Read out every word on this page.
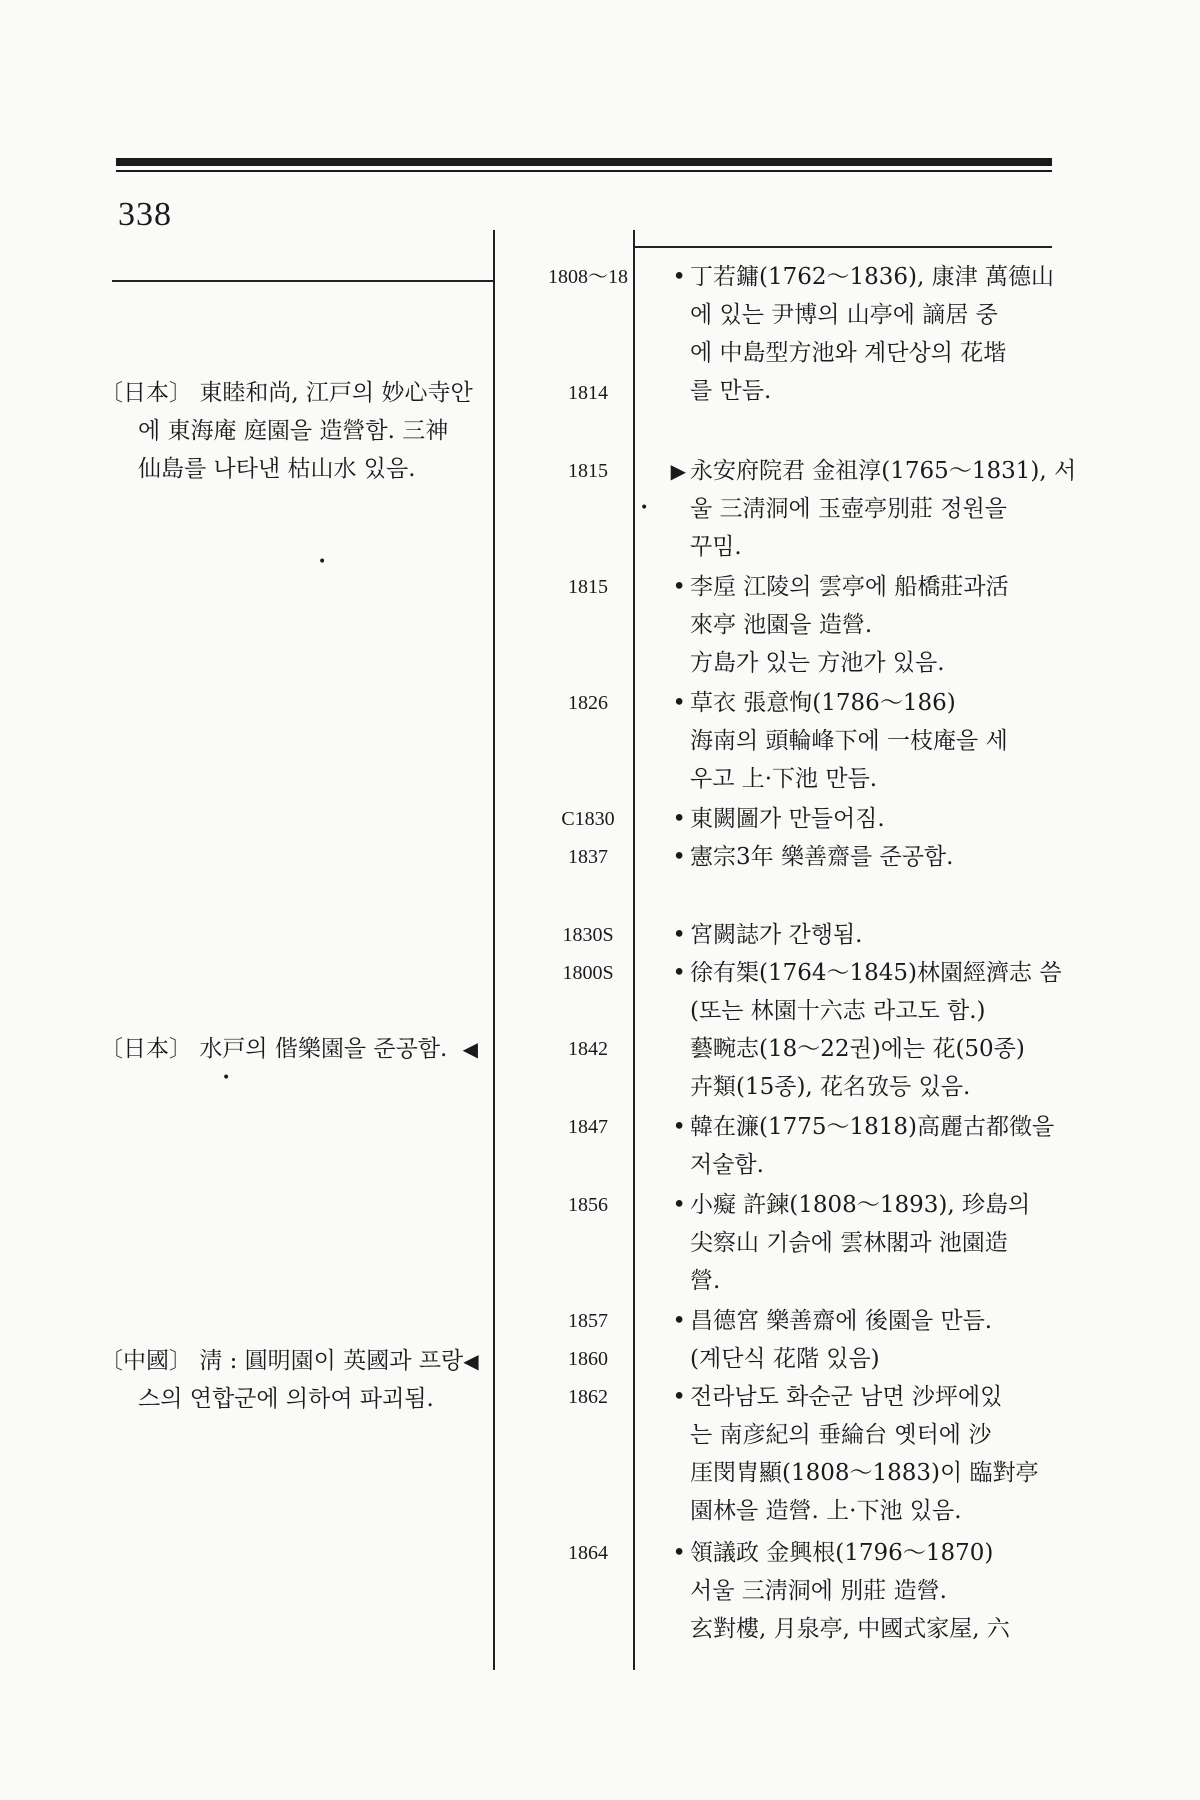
338
〔日本〕 東睦和尚, 江戸의 妙心寺안
에 東海庵 庭園을 造營함. 三神
仙島를 나타낸 枯山水 있음.
〔日本〕 水戸의 偕樂園을 준공함. ◀
〔中國〕 淸 : 圓明園이 英國과 프랑◀
스의 연합군에 의하여 파괴됨.
1808～18
1814
1815
1815
1826
C1830
1837
1830S
1800S
1842
1847
1856
1857
1860
1862
1864
• 丁若鏞(1762～1836), 康津 萬德山
에 있는 尹博의 山亭에 謫居 중
에 中島型方池와 계단상의 花堦
를 만듬.
▶ 永安府院君 金祖淳(1765～1831), 서
울 三淸洞에 玉壺亭別莊 정원을
꾸밈.
• 李垕 江陵의 雲亭에 船橋莊과活
來亭 池園을 造營.
方島가 있는 方池가 있음.
• 草衣 張意恂(1786～186)
海南의 頭輪峰下에 一枝庵을 세
우고 上·下池 만듬.
• 東闕圖가 만들어짐.
• 憲宗3年 樂善齋를 준공함.
• 宮闕誌가 간행됨.
• 徐有榘(1764～1845)林園經濟志 씀
(또는 林園十六志 라고도 함.)
藝畹志(18～22권)에는 花(50종)
卉類(15종), 花名攷등 있음.
• 韓在濂(1775～1818)高麗古都徵을
저술함.
• 小癡 許鍊(1808～1893), 珍島의
尖察山 기슭에 雲林閣과 池園造
營.
• 昌德宮 樂善齋에 後園을 만듬.
(계단식 花階 있음)
• 전라남도 화순군 남면 沙坪에있
는 南彦紀의 垂綸台 옛터에 沙
厓閔胄顯(1808～1883)이 臨對亭
園林을 造營. 上·下池 있음.
• 領議政 金興根(1796～1870)
서울 三淸洞에 別莊 造營.
玄對樓, 月泉亭, 中國式家屋, 六
•
•
•
